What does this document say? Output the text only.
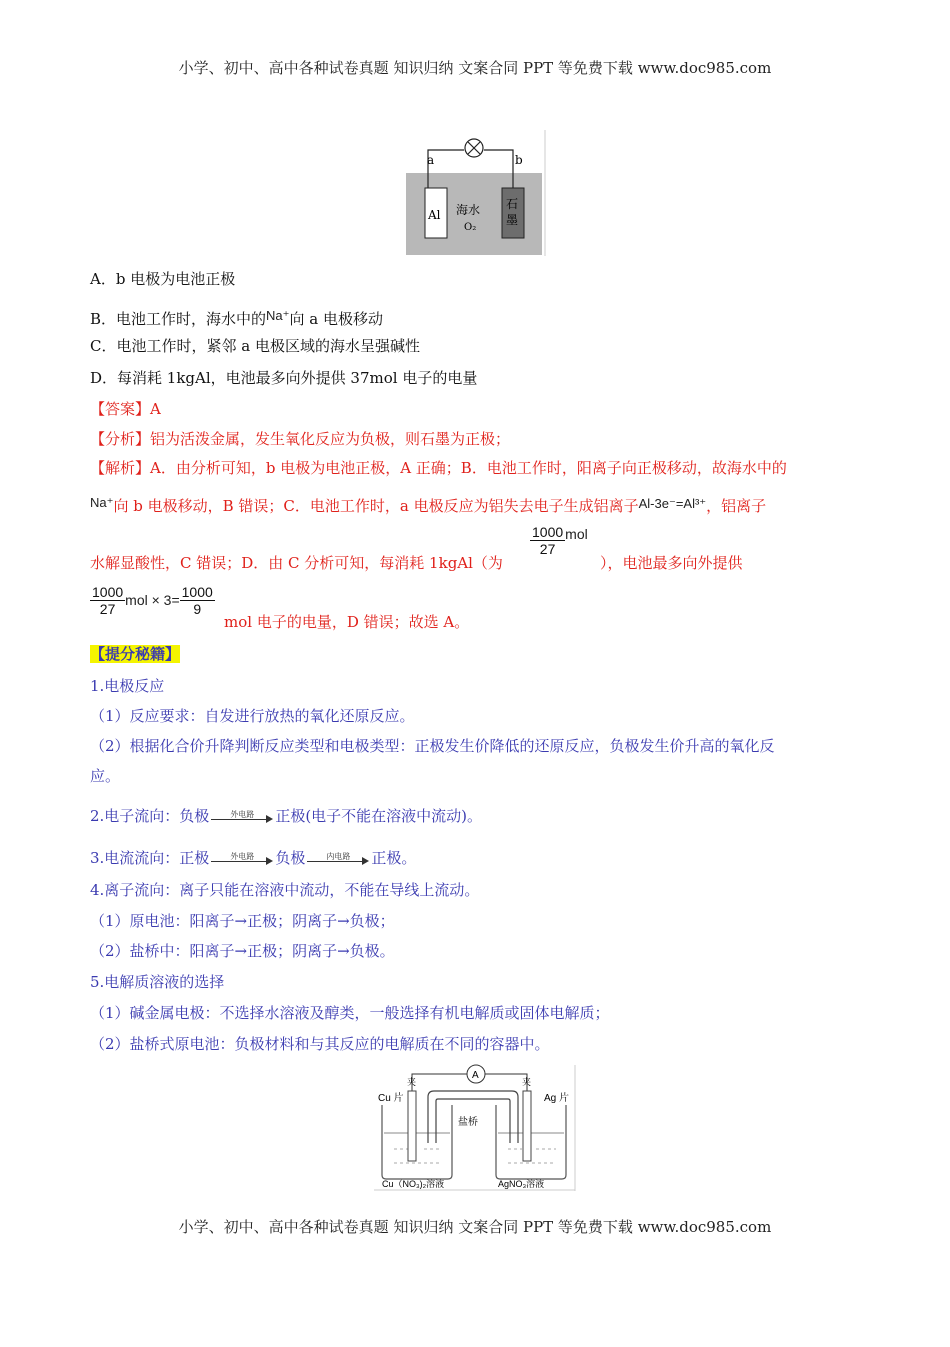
小学、初中、高中各种试卷真题 知识归纳 文案合同 PPT 等免费下载 www.doc985.com
a	b
Al
石
墨
海水
O₂
A．b 电极为电池正极
B．电池工作时，海水中的Na⁺向 a 电极移动
C．电池工作时，紧邻 a 电极区域的海水呈强碱性
D．每消耗 1kgAl，电池最多向外提供 37mol 电子的电量
【答案】A
【分析】铝为活泼金属，发生氧化反应为负极，则石墨为正极；
【解析】A．由分析可知，b 电极为电池正极，A 正确；B．电池工作时，阳离子向正极移动，故海水中的
Na⁺向 b 电极移动，B 错误；C．电池工作时，a 电极反应为铝失去电子生成铝离子Al-3e⁻=Al³⁺，铝离子
水解显酸性，C 错误；D．由 C 分析可知，每消耗 1kgAl（为
$\frac{1000}{27}$ mol
），电池最多向外提供
$\frac{1000}{27}$ mol × $3= \frac{1000}{9}$
mol 电子的电量，D 错误；故选 A。
【提分秘籍】
1.电极反应
（1）反应要求：自发进行放热的氧化还原反应。
（2）根据化合价升降判断反应类型和电极类型：正极发生价降低的还原反应，负极发生价升高的氧化反
应。
2.电子流向：负极	外电路	正极(电子不能在溶液中流动)。
3.电流流向：正极	外电路	负极	内电路	正极。
4.离子流向：离子只能在溶液中流动，不能在导线上流动。
（1）原电池：阳离子→正极；阴离子→负极；
（2）盐桥中：阳离子→正极；阴离子→负极。
5.电解质溶液的选择
（1）碱金属电极：不选择水溶液及醇类，一般选择有机电解质或固体电解质；
（2）盐桥式原电池：负极材料和与其反应的电解质在不同的容器中。
A
夹	夹
Cu 片	Ag 片
盐桥
Cu（NO₃)₂溶液	AgNO₃溶液
小学、初中、高中各种试卷真题 知识归纳 文案合同 PPT 等免费下载 www.doc985.com
